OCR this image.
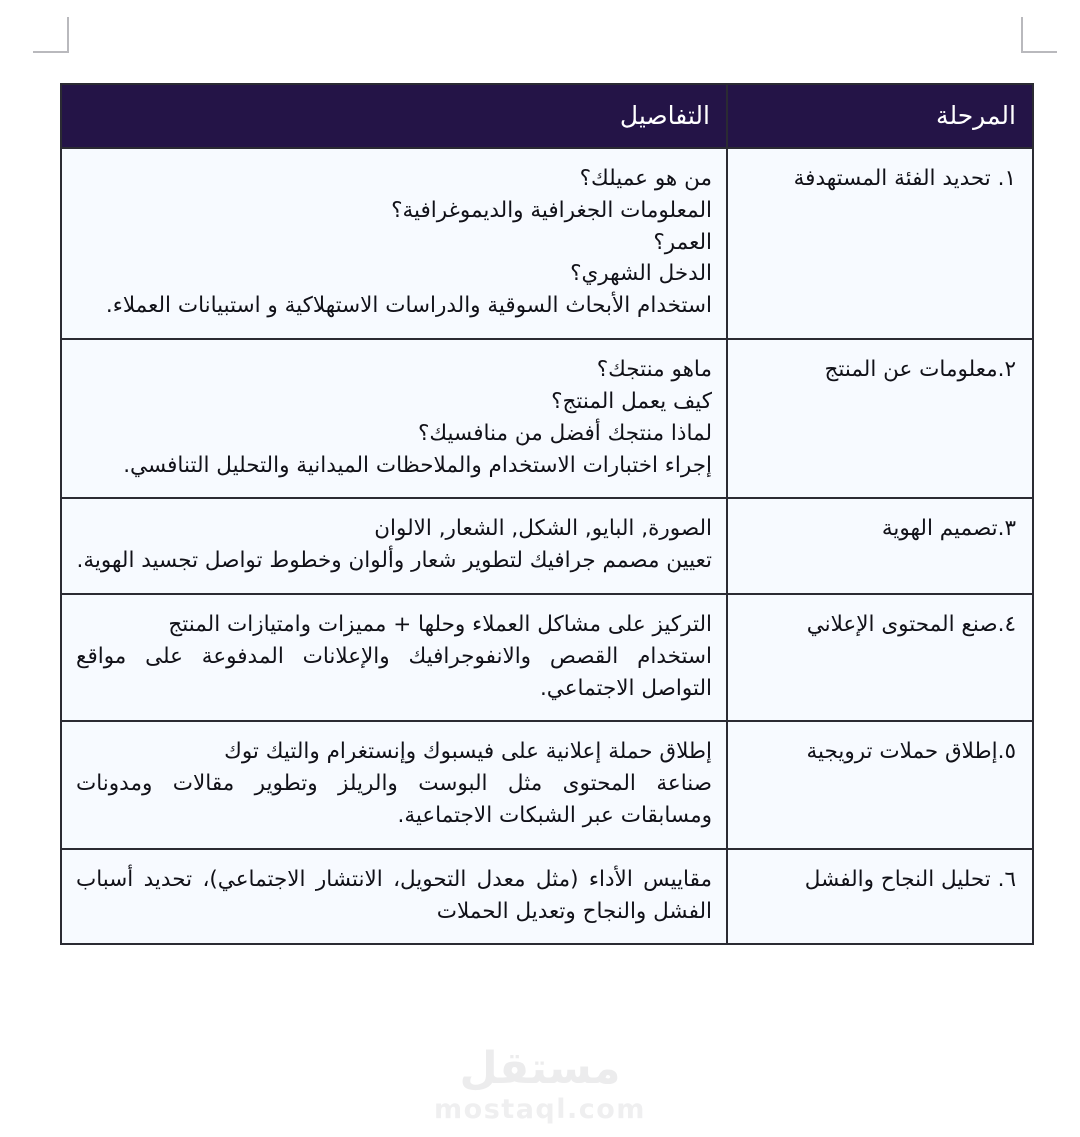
المرحلة	التفاصيل
١. تحديد الفئة المستهدفة	من هو عميلك؟
المعلومات الجغرافية والديموغرافية؟
العمر؟
الدخل الشهري؟
استخدام الأبحاث السوقية والدراسات الاستهلاكية و استبيانات العملاء.

٢.معلومات عن المنتج	ماهو منتجك؟
كيف يعمل المنتج؟
لماذا منتجك أفضل من منافسيك؟
إجراء اختبارات الاستخدام والملاحظات الميدانية والتحليل التنافسي.

٣.تصميم الهوية	الصورة, البايو, الشكل, الشعار, الالوان
تعيين مصمم جرافيك لتطوير شعار وألوان وخطوط تواصل تجسيد الهوية.

٤.صنع المحتوى الإعلاني	التركيز على مشاكل العملاء وحلها + مميزات وامتيازات المنتج
استخدام القصص والانفوجرافيك والإعلانات المدفوعة على مواقع التواصل الاجتماعي.

٥.إطلاق حملات ترويجية	إطلاق حملة إعلانية على فيسبوك وإنستغرام والتيك توك
صناعة المحتوى مثل البوست والريلز وتطوير مقالات ومدونات ومسابقات عبر الشبكات الاجتماعية.

٦. تحليل النجاح والفشل	مقاييس الأداء (مثل معدل التحويل، الانتشار الاجتماعي)، تحديد أسباب الفشل والنجاح وتعديل الحملات
مستقل
mostaql.com
